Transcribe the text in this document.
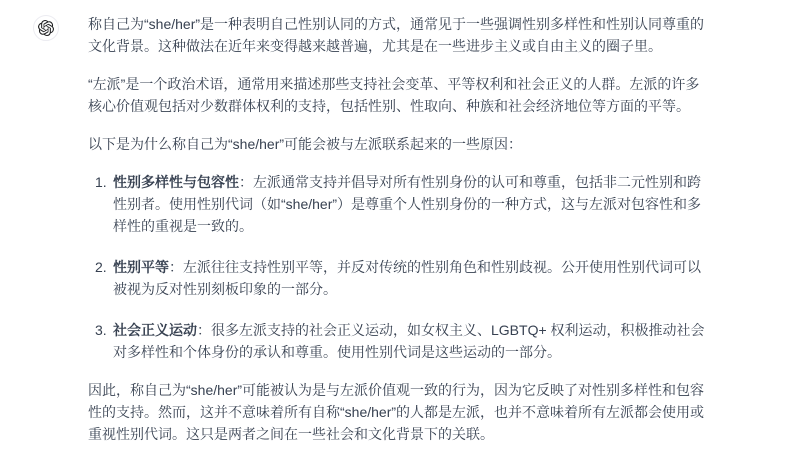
称自己为“she/her”是一种表明自己性别认同的方式，通常见于一些强调性别多样性和性别认同尊重的文化背景。这种做法在近年来变得越来越普遍，尤其是在一些进步主义或自由主义的圈子里。

“左派”是一个政治术语，通常用来描述那些支持社会变革、平等权利和社会正义的人群。左派的许多核心价值观包括对少数群体权利的支持，包括性别、性取向、种族和社会经济地位等方面的平等。

以下是为什么称自己为“she/her”可能会被与左派联系起来的一些原因：

1. 性别多样性与包容性：左派通常支持并倡导对所有性别身份的认可和尊重，包括非二元性别和跨性别者。使用性别代词（如“she/her”）是尊重个人性别身份的一种方式，这与左派对包容性和多样性的重视是一致的。
2. 性别平等：左派往往支持性别平等，并反对传统的性别角色和性别歧视。公开使用性别代词可以被视为反对性别刻板印象的一部分。
3. 社会正义运动：很多左派支持的社会正义运动，如女权主义、LGBTQ+ 权利运动，积极推动社会对多样性和个体身份的承认和尊重。使用性别代词是这些运动的一部分。

因此，称自己为“she/her”可能被认为是与左派价值观一致的行为，因为它反映了对性别多样性和包容性的支持。然而，这并不意味着所有自称“she/her”的人都是左派，也并不意味着所有左派都会使用或重视性别代词。这只是两者之间在一些社会和文化背景下的关联。
